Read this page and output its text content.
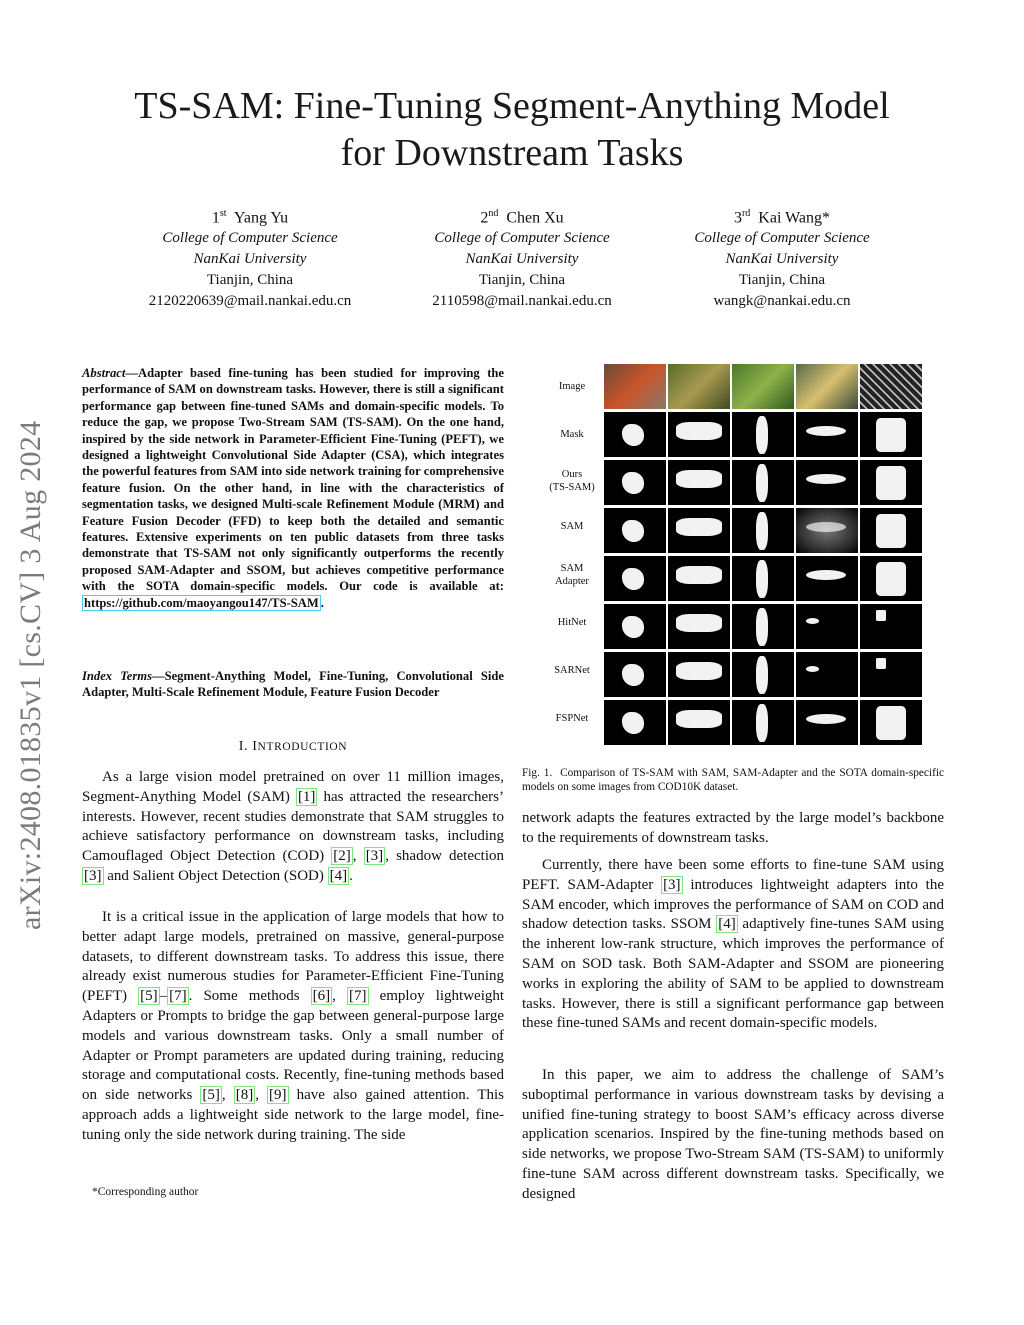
TS-SAM: Fine-Tuning Segment-Anything Model
for Downstream Tasks
1st Yang Yu
College of Computer Science
NanKai University
Tianjin, China
2120220639@mail.nankai.edu.cn
2nd Chen Xu
College of Computer Science
NanKai University
Tianjin, China
2110598@mail.nankai.edu.cn
3rd Kai Wang*
College of Computer Science
NanKai University
Tianjin, China
wangk@nankai.edu.cn
arXiv:2408.01835v1 [cs.CV] 3 Aug 2024
Abstract—Adapter based fine-tuning has been studied for improving the performance of SAM on downstream tasks. However, there is still a significant performance gap between fine-tuned SAMs and domain-specific models. To reduce the gap, we propose Two-Stream SAM (TS-SAM). On the one hand, inspired by the side network in Parameter-Efficient Fine-Tuning (PEFT), we designed a lightweight Convolutional Side Adapter (CSA), which integrates the powerful features from SAM into side network training for comprehensive feature fusion. On the other hand, in line with the characteristics of segmentation tasks, we designed Multi-scale Refinement Module (MRM) and Feature Fusion Decoder (FFD) to keep both the detailed and semantic features. Extensive experiments on ten public datasets from three tasks demonstrate that TS-SAM not only significantly outperforms the recently proposed SAM-Adapter and SSOM, but achieves competitive performance with the SOTA domain-specific models. Our code is available at: https://github.com/maoyangou147/TS-SAM .
Index Terms—Segment-Anything Model, Fine-Tuning, Convolutional Side Adapter, Multi-Scale Refinement Module, Feature Fusion Decoder
I. INTRODUCTION

As a large vision model pretrained on over 11 million images, Segment-Anything Model (SAM) [1] has attracted the researchers’ interests. However, recent studies demonstrate that SAM struggles to achieve satisfactory performance on downstream tasks, including Camouflaged Object Detection (COD) [2] , [3] , shadow detection [3] and Salient Object Detection (SOD) [4] .

It is a critical issue in the application of large models that how to better adapt large models, pretrained on massive, general-purpose datasets, to different downstream tasks. To address this issue, there already exist numerous studies for Parameter-Efficient Fine-Tuning (PEFT) [5] – [7] . Some methods [6] , [7] employ lightweight Adapters or Prompts to bridge the gap between general-purpose large models and various downstream tasks. Only a small number of Adapter or Prompt parameters are updated during training, reducing storage and computational costs. Recently, fine-tuning methods based on side networks [5] , [8] , [9] have also gained attention. This approach adds a lightweight side network to the large model, fine-tuning only the side network during training. The side

*Corresponding author
Image
Mask
Ours
(TS-SAM)
SAM
SAM
Adapter
HitNet
SARNet
FSPNet
Fig. 1. Comparison of TS-SAM with SAM, SAM-Adapter and the SOTA domain-specific models on some images from COD10K dataset.

network adapts the features extracted by the large model’s backbone to the requirements of downstream tasks.

Currently, there have been some efforts to fine-tune SAM using PEFT. SAM-Adapter [3] introduces lightweight adapters into the SAM encoder, which improves the performance of SAM on COD and shadow detection tasks. SSOM [4] adaptively fine-tunes SAM using the inherent low-rank structure, which improves the performance of SAM on SOD task. Both SAM-Adapter and SSOM are pioneering works in exploring the ability of SAM to be applied to downstream tasks. However, there is still a significant performance gap between these fine-tuned SAMs and recent domain-specific models.

In this paper, we aim to address the challenge of SAM’s suboptimal performance in various downstream tasks by devising a unified fine-tuning strategy to boost SAM’s efficacy across diverse application scenarios. Inspired by the fine-tuning methods based on side networks, we propose Two-Stream SAM (TS-SAM) to uniformly fine-tune SAM across different downstream tasks. Specifically, we designed
